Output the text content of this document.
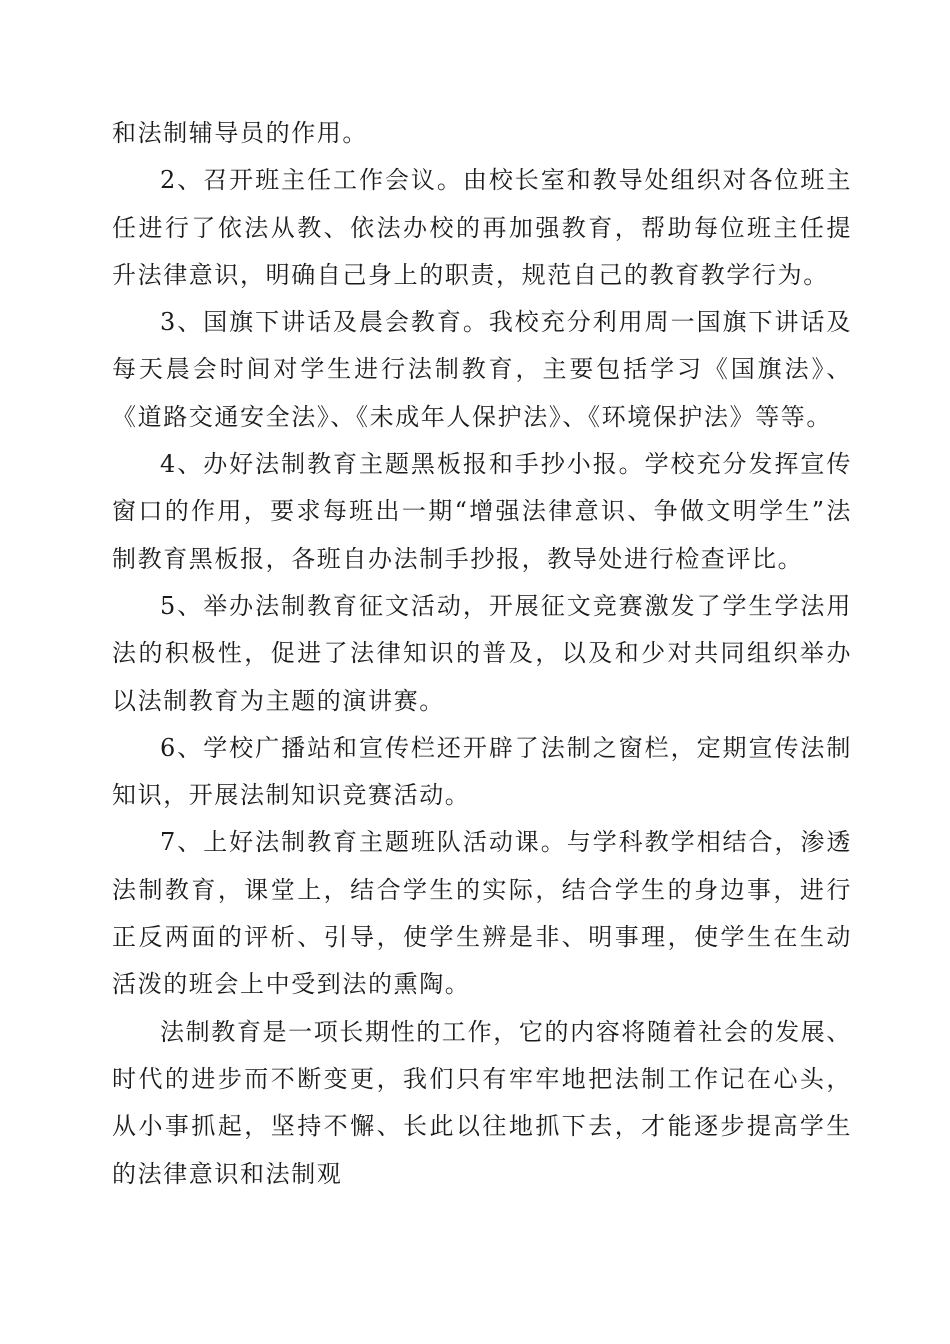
和法制辅导员的作用。

2、召开班主任工作会议。由校长室和教导处组织对各位班主任进行了依法从教、依法办校的再加强教育，帮助每位班主任提升法律意识，明确自己身上的职责，规范自己的教育教学行为。

3、国旗下讲话及晨会教育。我校充分利用周一国旗下讲话及每天晨会时间对学生进行法制教育，主要包括学习《国旗法》、《道路交通安全法》、《未成年人保护法》、《环境保护法》等等。

4、办好法制教育主题黑板报和手抄小报。学校充分发挥宣传窗口的作用，要求每班出一期“增强法律意识、争做文明学生”法制教育黑板报，各班自办法制手抄报，教导处进行检查评比。

5、举办法制教育征文活动，开展征文竞赛激发了学生学法用法的积极性，促进了法律知识的普及，以及和少对共同组织举办以法制教育为主题的演讲赛。

6、学校广播站和宣传栏还开辟了法制之窗栏，定期宣传法制知识，开展法制知识竞赛活动。

7、上好法制教育主题班队活动课。与学科教学相结合，渗透法制教育，课堂上，结合学生的实际，结合学生的身边事，进行正反两面的评析、引导，使学生辨是非、明事理，使学生在生动活泼的班会上中受到法的熏陶。

法制教育是一项长期性的工作，它的内容将随着社会的发展、时代的进步而不断变更，我们只有牢牢地把法制工作记在心头，从小事抓起，坚持不懈、长此以往地抓下去，才能逐步提高学生的法律意识和法制观
